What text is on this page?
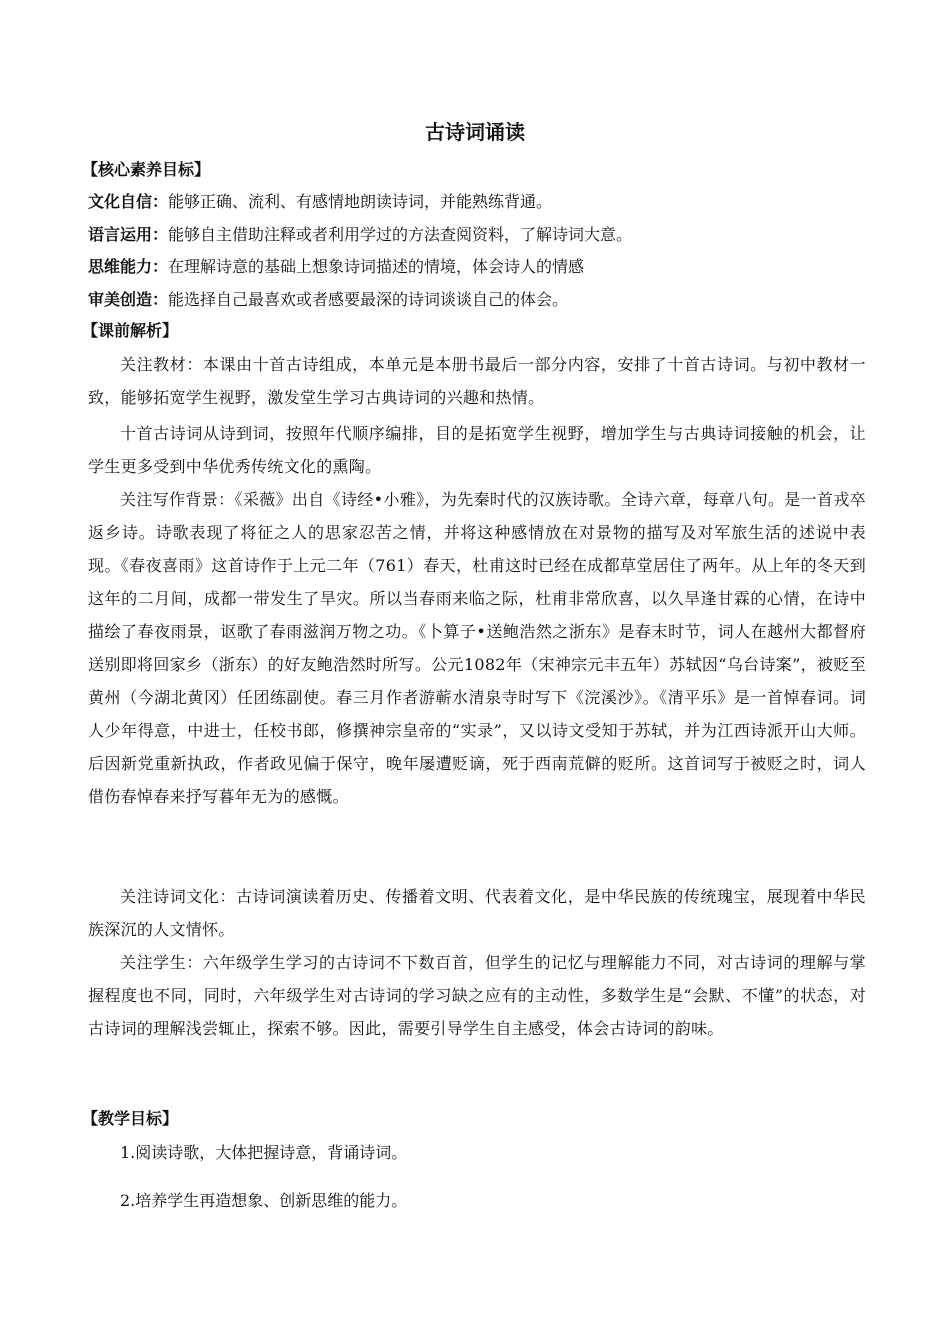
古诗词诵读
【核心素养目标】
文化自信：能够正确、流利、有感情地朗读诗词，并能熟练背通。
语言运用：能够自主借助注释或者利用学过的方法查阅资料，了解诗词大意。
思维能力：在理解诗意的基础上想象诗词描述的情境，体会诗人的情感
审美创造：能选择自己最喜欢或者感要最深的诗词谈谈自己的体会。
【课前解析】

关注教材：本课由十首古诗组成，本单元是本册书最后一部分内容，安排了十首古诗词。与初中教材一致，能够拓宽学生视野，激发堂生学习古典诗词的兴趣和热情。

十首古诗词从诗到词，按照年代顺序编排，目的是拓宽学生视野，增加学生与古典诗词接触的机会，让学生更多受到中华优秀传统文化的熏陶。

关注写作背景：《采薇》出自《诗经•小雅》，为先秦时代的汉族诗歌。全诗六章，每章八句。是一首戎卒返乡诗。诗歌表现了将征之人的思家忍苦之情，并将这种感情放在对景物的描写及对军旅生活的述说中表现。《春夜喜雨》这首诗作于上元二年（761）春天，杜甫这时已经在成都草堂居住了两年。从上年的冬天到这年的二月间，成都一带发生了旱灾。所以当春雨来临之际，杜甫非常欣喜，以久旱逢甘霖的心情，在诗中描绘了春夜雨景，讴歌了春雨滋润万物之功。《卜算子•送鲍浩然之浙东》是春末时节，词人在越州大都督府送别即将回家乡（浙东）的好友鲍浩然时所写。公元1082年（宋神宗元丰五年）苏轼因“乌台诗案”，被贬至黄州（今湖北黄冈）任团练副使。春三月作者游蕲水清泉寺时写下《浣溪沙》。《清平乐》是一首悼春词。词人少年得意，中进士，任校书郎，修撰神宗皇帝的“实录”，又以诗文受知于苏轼，并为江西诗派开山大师。后因新党重新执政，作者政见偏于保守，晚年屡遭贬谪，死于西南荒僻的贬所。这首词写于被贬之时，词人借伤春悼春来抒写暮年无为的感慨。

关注诗词文化：古诗词演读着历史、传播着文明、代表着文化，是中华民族的传统瑰宝，展现着中华民族深沉的人文情怀。

关注学生：六年级学生学习的古诗词不下数百首，但学生的记忆与理解能力不同，对古诗词的理解与掌握程度也不同，同时，六年级学生对古诗词的学习缺之应有的主动性，多数学生是“会默、不懂”的状态，对古诗词的理解浅尝辄止，探索不够。因此，需要引导学生自主感受，体会古诗词的韵味。

【教学目标】
1.阅读诗歌，大体把握诗意，背诵诗词。
2.培养学生再造想象、创新思维的能力。
